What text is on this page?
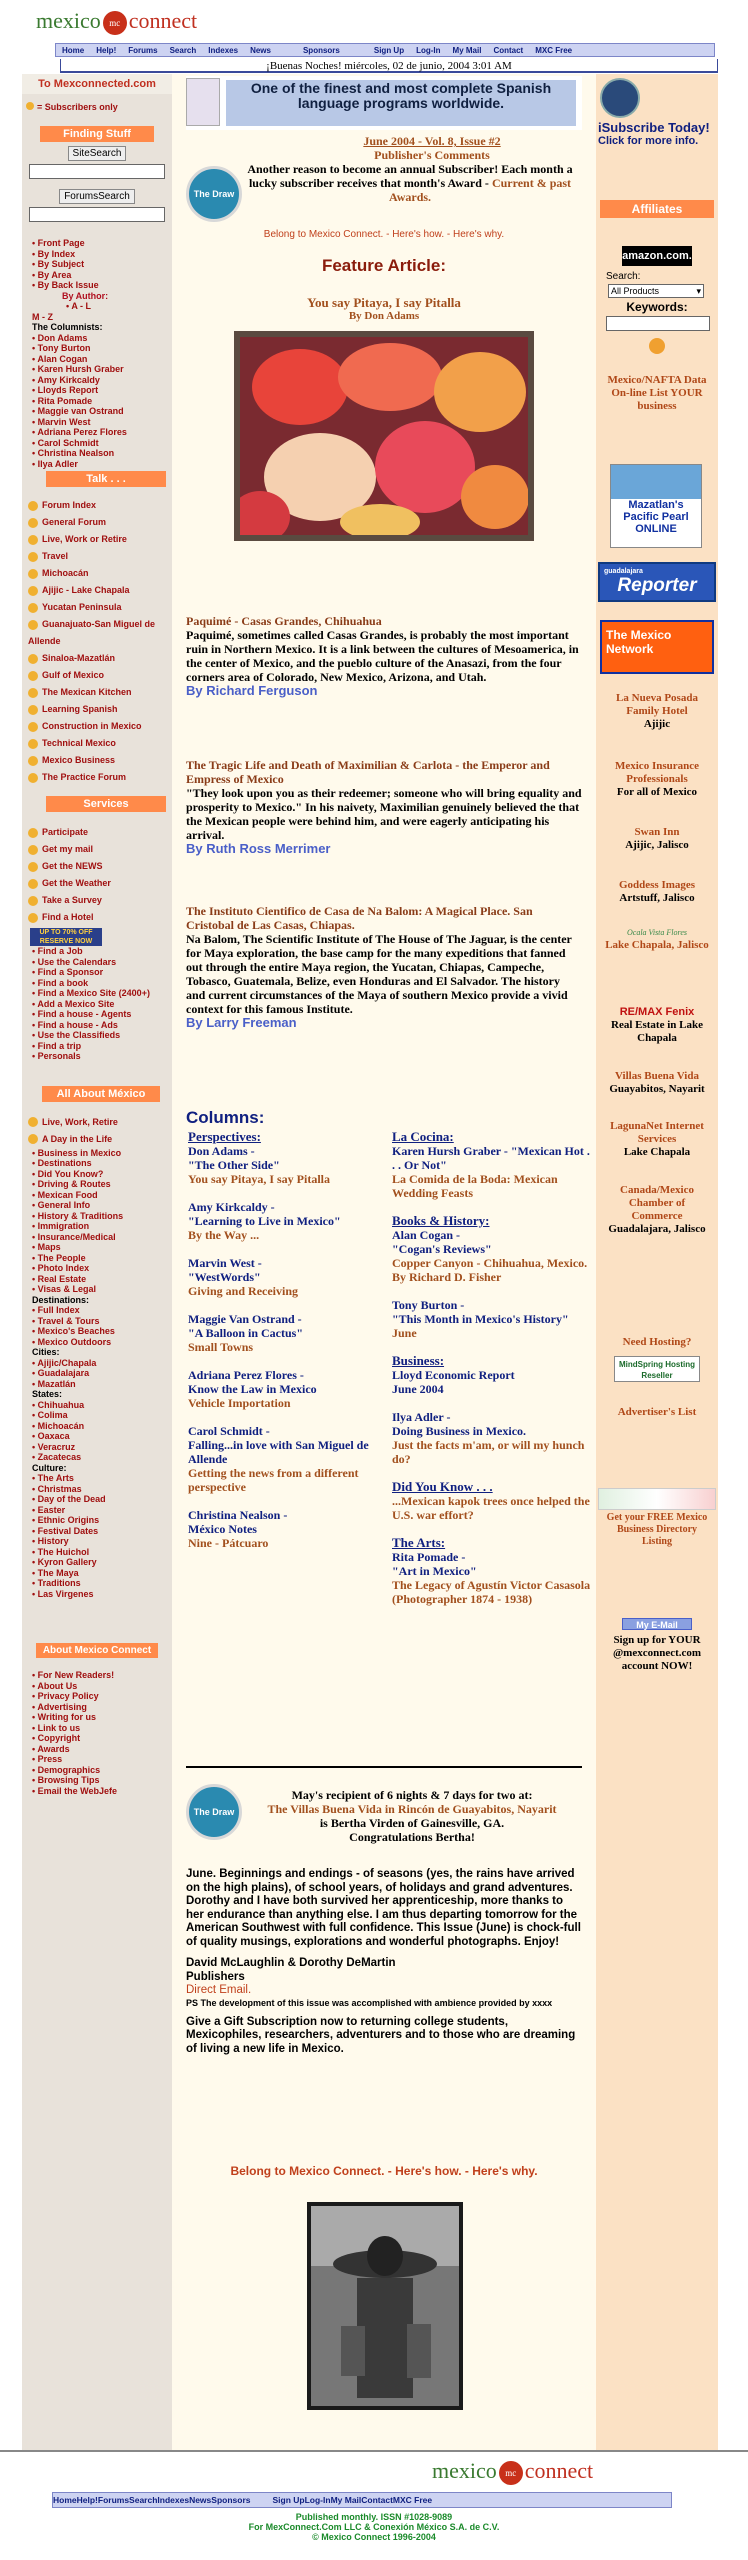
mexico mc connect
Home	Help!	Forums	Search	Indexes	News	Sponsors	Sign Up	Log-In	My Mail	Contact	MXC Free
¡Buenas Noches! miércoles, 02 de junio, 2004 3:01 AM
To Mexconnected.com
= Subscribers only
Finding Stuff
SiteSearch
ForumsSearch
• Front Page
• By Index
• By Subject
• By Area
• By Back Issue
By Author:
• A - L
M - Z
The Columnists:
• Don Adams
• Tony Burton
• Alan Cogan
• Karen Hursh Graber
• Amy Kirkcaldy
• Lloyds Report
• Rita Pomade
• Maggie van Ostrand
• Marvin West
• Adriana Perez Flores
• Carol Schmidt
• Christina Nealson
• Ilya Adler
Talk . . .
Forum Index
General Forum
Live, Work or Retire
Travel
Michoacán
Ajijic - Lake Chapala
Yucatan Peninsula
Guanajuato-San Miguel de Allende
Sinaloa-Mazatlán
Gulf of Mexico
The Mexican Kitchen
Learning Spanish
Construction in Mexico
Technical Mexico
Mexico Business
The Practice Forum
Services
Participate
Get my mail
Get the NEWS
Get the Weather
Take a Survey
Find a Hotel
UP TO 70% OFF RESERVE NOW
• Find a Job
• Use the Calendars
• Find a Sponsor
• Find a book
• Find a Mexico Site (2400+)
• Add a Mexico Site
• Find a house - Agents
• Find a house - Ads
• Use the Classifieds
• Find a trip
• Personals
All About México
Live, Work, Retire
A Day in the Life
• Business in Mexico
• Destinations
• Did You Know?
• Driving & Routes
• Mexican Food
• General Info
• History & Traditions
• Immigration
• Insurance/Medical
• Maps
• The People
• Photo Index
• Real Estate
• Visas & Legal
Destinations:
• Full Index
• Travel & Tours
• Mexico's Beaches
• Mexico Outdoors
Cities:
• Ajijic/Chapala
• Guadalajara
• Mazatlán
States:
• Chihuahua
• Colima
• Michoacán
• Oaxaca
• Veracruz
• Zacatecas
Culture:
• The Arts
• Christmas
• Day of the Dead
• Easter
• Ethnic Origins
• Festival Dates
• History
• The Huichol
• Kyron Gallery
• The Maya
• Traditions
• Las Virgenes
About Mexico Connect
• For New Readers!
• About Us
• Privacy Policy
• Advertising
• Writing for us
• Link to us
• Copyright
• Awards
• Press
• Demographics
• Browsing Tips
• Email the WebJefe
One of the finest and most complete Spanish language programs worldwide.
June 2004 - Vol. 8, Issue #2
Publisher's Comments
The Draw
Another reason to become an annual Subscriber! Each month a lucky subscriber receives that month's Award - Current & past Awards.
Belong to Mexico Connect. - Here's how. - Here's why.
Feature Article:
You say Pitaya, I say Pitalla
By Don Adams
Paquimé - Casas Grandes, Chihuahua
Paquimé, sometimes called Casas Grandes, is probably the most important ruin in Northern Mexico. It is a link between the cultures of Mesoamerica, in the center of Mexico, and the pueblo culture of the Anasazi, from the four corners area of Colorado, New Mexico, Arizona, and Utah.
By Richard Ferguson
The Tragic Life and Death of Maximilian & Carlota - the Emperor and Empress of Mexico
"They look upon you as their redeemer; someone who will bring equality and prosperity to Mexico." In his naivety, Maximilian genuinely believed the that the Mexican people were behind him, and were eagerly anticipating his arrival.
By Ruth Ross Merrimer
The Instituto Cientifico de Casa de Na Balom: A Magical Place. San Cristobal de Las Casas, Chiapas.
Na Balom, The Scientific Institute of The House of The Jaguar, is the center for Maya exploration, the base camp for the many expeditions that fanned out through the entire Maya region, the Yucatan, Chiapas, Campeche, Tobasco, Guatemala, Belize, even Honduras and El Salvador. The history and current circumstances of the Maya of southern Mexico provide a vivid context for this famous Institute.
By Larry Freeman
Columns:
Perspectives:
Don Adams -
"The Other Side"
You say Pitaya, I say Pitalla
Amy Kirkcaldy -
"Learning to Live in Mexico"
By the Way ...
Marvin West -
"WestWords"
Giving and Receiving
Maggie Van Ostrand -
"A Balloon in Cactus"
Small Towns
Adriana Perez Flores -
Know the Law in Mexico
Vehicle Importation
Carol Schmidt -
Falling...in love with San Miguel de Allende
Getting the news from a different perspective
Christina Nealson -
México Notes
Nine - Pátcuaro
La Cocina:
Karen Hursh Graber - "Mexican Hot . . . Or Not"
La Comida de la Boda: Mexican Wedding Feasts
Books & History:
Alan Cogan -
"Cogan's Reviews"
Copper Canyon - Chihuahua, Mexico. By Richard D. Fisher
Tony Burton -
"This Month in Mexico's History"
June
Business:
Lloyd Economic Report
June 2004
Ilya Adler -
Doing Business in Mexico.
Just the facts m'am, or will my hunch do?
Did You Know . . .
...Mexican kapok trees once helped the U.S. war effort?
The Arts:
Rita Pomade -
"Art in Mexico"
The Legacy of Agustín Victor Casasola (Photographer 1874 - 1938)
The Draw
May's recipient of 6 nights & 7 days for two at:
The Villas Buena Vida in Rincón de Guayabitos, Nayarit
is Bertha Virden of Gainesville, GA.
Congratulations Bertha!
June. Beginnings and endings - of seasons (yes, the rains have arrived on the high plains), of school years, of holidays and grand adventures. Dorothy and I have both survived her apprenticeship, more thanks to her endurance than anything else. I am thus departing tomorrow for the American Southwest with full confidence. This Issue (June) is chock-full of quality musings, explorations and wonderful photographs. Enjoy!
David McLaughlin & Dorothy DeMartin
Publishers
Direct Email.
PS The development of this issue was accomplished with ambience provided by xxxx
Give a Gift Subscription now to returning college students, Mexicophiles, researchers, adventurers and to those who are dreaming of living a new life in Mexico.
Belong to Mexico Connect. - Here's how. - Here's why.
iSubscribe Today!
Click for more info.
Affiliates
amazon.com.
Search:
All Products	▾
Keywords:
Mexico/NAFTA Data On-line List YOUR business
Mazatlan's Pacific Pearl ONLINE
guadalajara
Reporter
The Mexico Network
La Nueva Posada Family Hotel
Ajijic
Mexico Insurance Professionals
For all of Mexico
Swan Inn
Ajijic, Jalisco
Goddess Images
Artstuff, Jalisco
Ocala Vista Flores
Lake Chapala, Jalisco
RE/MAX Fenix
Real Estate in Lake Chapala
Villas Buena Vida
Guayabitos, Nayarit
LagunaNet Internet Services
Lake Chapala
Canada/Mexico Chamber of Commerce
Guadalajara, Jalisco
Need Hosting?
MindSpring Hosting Reseller
Advertiser's List
Get your FREE Mexico Business Directory Listing
My E-Mail
Sign up for YOUR @mexconnect.com account NOW!
mexico mc connect
Home Help! Forums Search Indexes News Sponsors	Sign Up Log-In My Mail Contact MXC Free
Published monthly. ISSN #1028-9089
For MexConnect.Com LLC & Conexión México S.A. de C.V.
© Mexico Connect 1996-2004
